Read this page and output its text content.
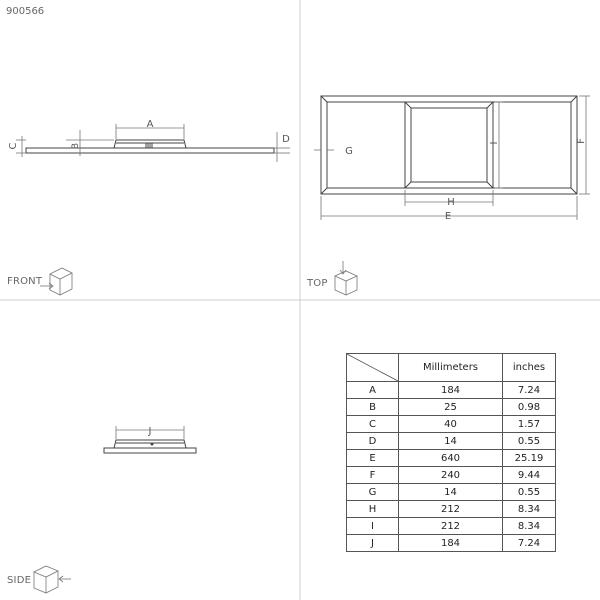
900566
A
B
C
D
FRONT
E
F
G
H
I
TOP
J
SIDE
	Millimeters	inches
A	184	7.24
B	25	0.98
C	40	1.57
D	14	0.55
E	640	25.19
F	240	9.44
G	14	0.55
H	212	8.34
I	212	8.34
J	184	7.24
